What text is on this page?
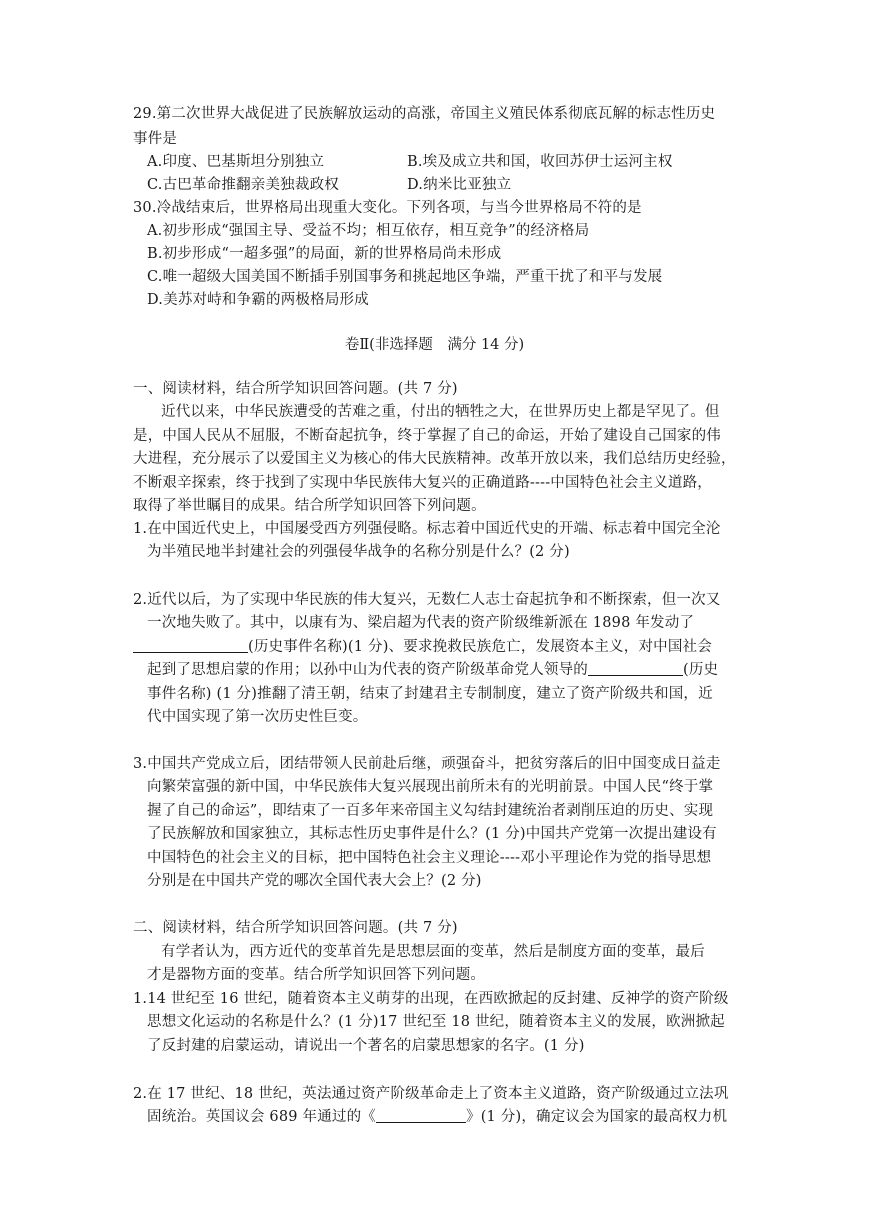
29.第二次世界大战促进了民族解放运动的高涨，帝国主义殖民体系彻底瓦解的标志性历史
事件是
A.印度、巴基斯坦分别独立	B.埃及成立共和国，收回苏伊士运河主权
C.古巴革命推翻亲美独裁政权	D.纳米比亚独立
30.冷战结束后，世界格局出现重大变化。下列各项，与当今世界格局不符的是
A.初步形成“强国主导、受益不均；相互依存，相互竞争”的经济格局
B.初步形成“一超多强”的局面，新的世界格局尚未形成
C.唯一超级大国美国不断插手别国事务和挑起地区争端，严重干扰了和平与发展
D.美苏对峙和争霸的两极格局形成
卷Ⅱ(非选择题　满分 14 分)
一、阅读材料，结合所学知识回答问题。(共 7 分)
近代以来，中华民族遭受的苦难之重，付出的牺牲之大，在世界历史上都是罕见了。但
是，中国人民从不屈服，不断奋起抗争，终于掌握了自己的命运，开始了建设自己国家的伟
大进程，充分展示了以爱国主义为核心的伟大民族精神。改革开放以来，我们总结历史经验，
不断艰辛探索，终于找到了实现中华民族伟大复兴的正确道路----中国特色社会主义道路，
取得了举世瞩目的成果。结合所学知识回答下列问题。
1.在中国近代史上，中国屡受西方列强侵略。标志着中国近代史的开端、标志着中国完全沦
为半殖民地半封建社会的列强侵华战争的名称分别是什么？(2 分)
2.近代以后，为了实现中华民族的伟大复兴，无数仁人志士奋起抗争和不断探索，但一次又
一次地失败了。其中，以康有为、梁启超为代表的资产阶级维新派在 1898 年发动了
(历史事件名称)(1 分)、要求挽救民族危亡，发展资本主义，对中国社会
起到了思想启蒙的作用；以孙中山为代表的资产阶级革命党人领导的	(历史
事件名称) (1 分)推翻了清王朝，结束了封建君主专制制度，建立了资产阶级共和国，近
代中国实现了第一次历史性巨变。
3.中国共产党成立后，团结带领人民前赴后继，顽强奋斗，把贫穷落后的旧中国变成日益走
向繁荣富强的新中国，中华民族伟大复兴展现出前所未有的光明前景。中国人民“终于掌
握了自己的命运”，即结束了一百多年来帝国主义勾结封建统治者剥削压迫的历史、实现
了民族解放和国家独立，其标志性历史事件是什么？(1 分)中国共产党第一次提出建设有
中国特色的社会主义的目标，把中国特色社会主义理论----邓小平理论作为党的指导思想
分别是在中国共产党的哪次全国代表大会上？(2 分)
二、阅读材料，结合所学知识回答问题。(共 7 分)
有学者认为，西方近代的变革首先是思想层面的变革，然后是制度方面的变革，最后
才是器物方面的变革。结合所学知识回答下列问题。
1.14 世纪至 16 世纪，随着资本主义萌芽的出现，在西欧掀起的反封建、反神学的资产阶级
思想文化运动的名称是什么？(1 分)17 世纪至 18 世纪，随着资本主义的发展，欧洲掀起
了反封建的启蒙运动，请说出一个著名的启蒙思想家的名字。(1 分)
2.在 17 世纪、18 世纪，英法通过资产阶级革命走上了资本主义道路，资产阶级通过立法巩
固统治。英国议会 689 年通过的《	》(1 分)，确定议会为国家的最高权力机
